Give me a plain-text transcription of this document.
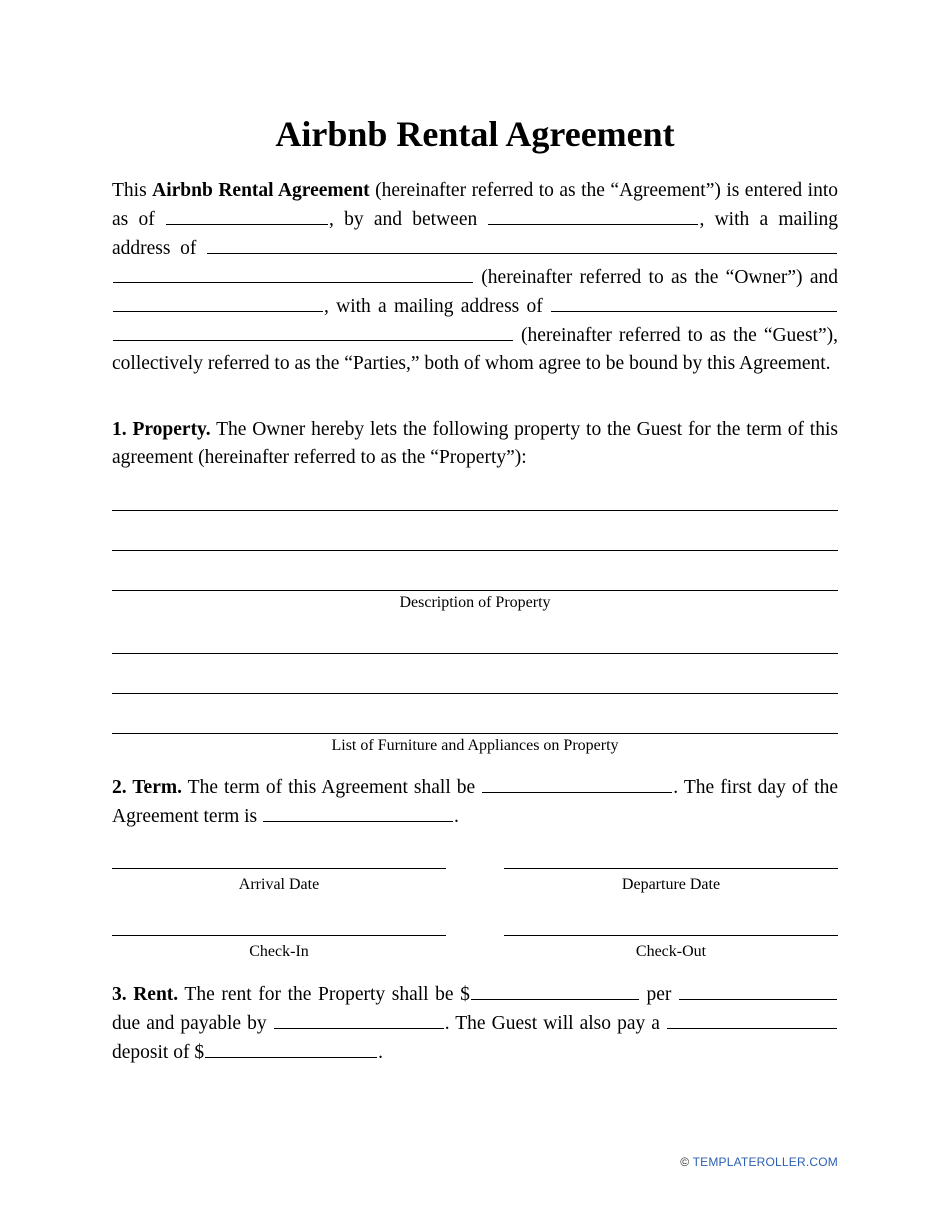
Airbnb Rental Agreement

This Airbnb Rental Agreement (hereinafter referred to as the “Agreement”) is entered into as of	, by and between	, with a mailing address of  (hereinafter referred to as the “Owner”) and , with a mailing address of  (hereinafter referred to as the “Guest”), collectively referred to as the “Parties,” both of whom agree to be bound by this Agreement.

1. Property. The Owner hereby lets the following property to the Guest for the term of this agreement (hereinafter referred to as the “Property”):

Description of Property
List of Furniture and Appliances on Property

2. Term. The term of this Agreement shall be	. The first day of the Agreement term is	.

Arrival Date	Departure Date
Check-In	Check-Out

3. Rent. The rent for the Property shall be $	per  due and payable by	. The Guest will also pay a  deposit of $	.

© TEMPLATEROLLER.COM
